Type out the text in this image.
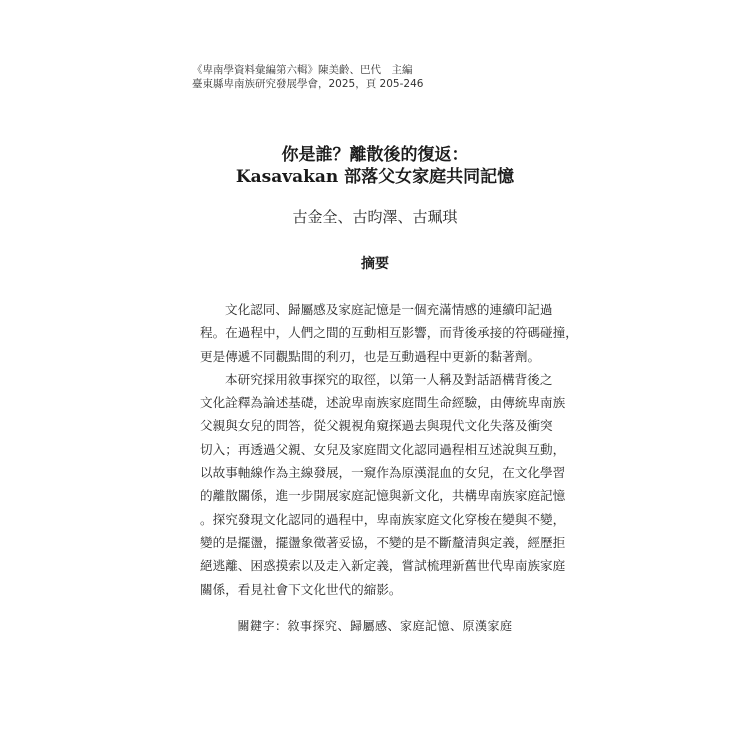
《卑南學資料彙編第六輯》陳美齡、巴代　主編
臺東縣卑南族研究發展學會，2025，頁 205-246
你是誰？離散後的復返：
Kasavakan 部落父女家庭共同記憶
古金全、古昀澤、古珮琪
摘要
文化認同、歸屬感及家庭記憶是一個充滿情感的連續印記過
程。在過程中，人們之間的互動相互影響，而背後承接的符碼碰撞，
更是傳遞不同觀點間的利刃，也是互動過程中更新的黏著劑。
本研究採用敘事探究的取徑，以第一人稱及對話語構背後之
文化詮釋為論述基礎，述說卑南族家庭間生命經驗，由傳統卑南族
父親與女兒的問答，從父親視角窺探過去與現代文化失落及衝突
切入；再透過父親、女兒及家庭間文化認同過程相互述說與互動，
以故事軸線作為主線發展，一窺作為原漢混血的女兒，在文化學習
的離散關係，進一步開展家庭記憶與新文化，共構卑南族家庭記憶
。探究發現文化認同的過程中，卑南族家庭文化穿梭在變與不變，
變的是擺盪，擺盪象徵著妥協，不變的是不斷釐清與定義，經歷拒
絕逃離、困惑摸索以及走入新定義，嘗試梳理新舊世代卑南族家庭
關係，看見社會下文化世代的縮影。
關鍵字：敘事探究、歸屬感、家庭記憶、原漢家庭
